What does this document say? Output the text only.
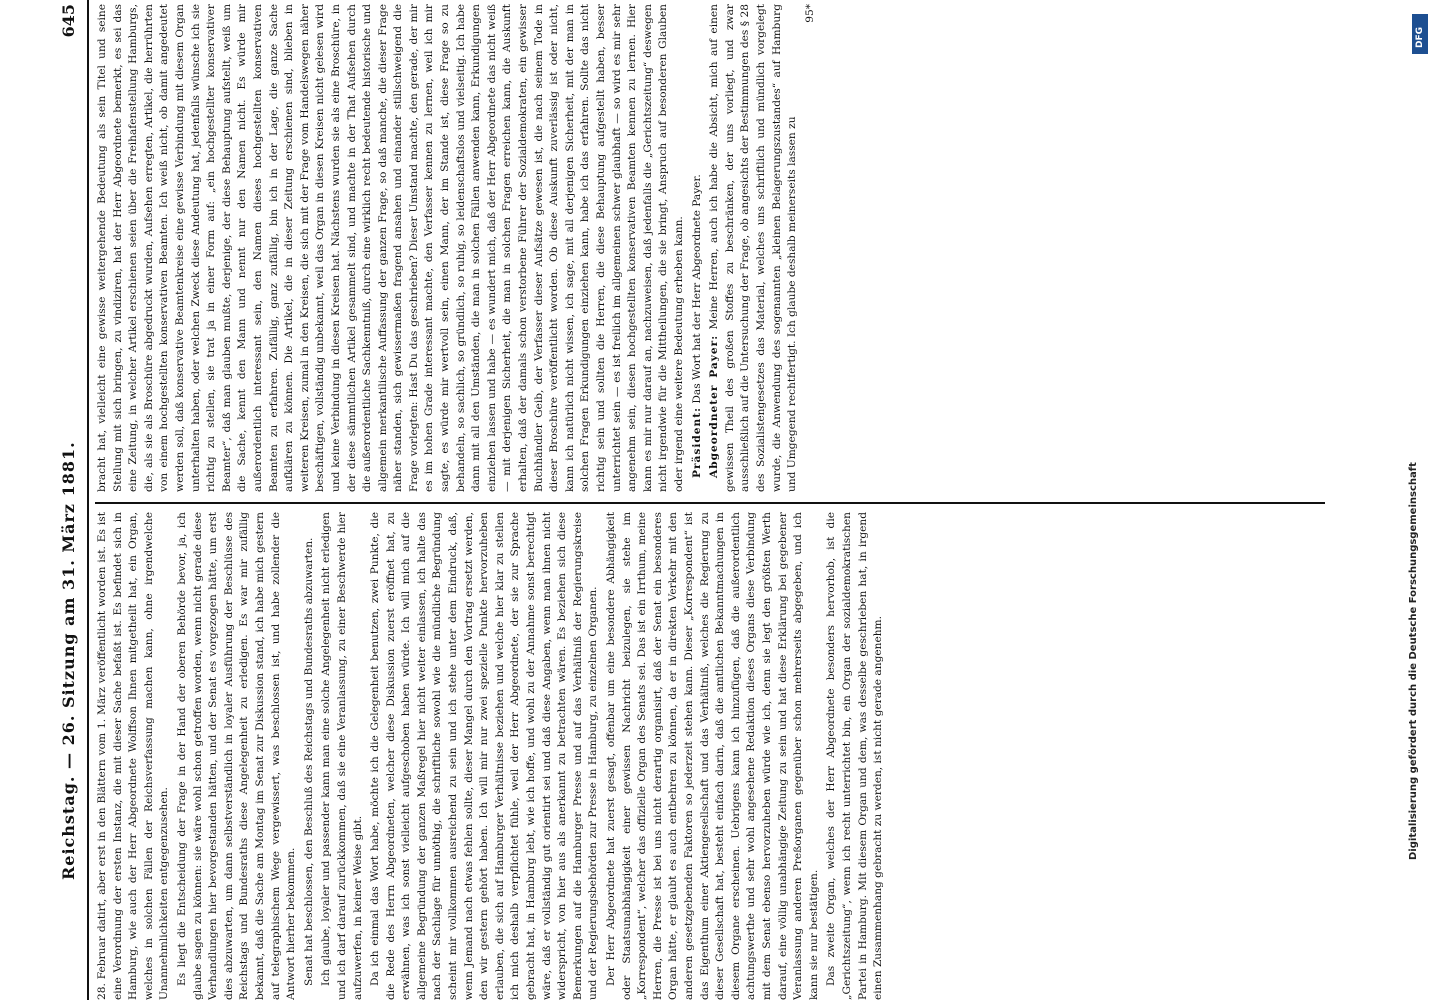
Reichstag. — 26. Sitzung am 31. März 1881.
645

28. Februar datirt, aber erst in den Blättern vom 1. März veröffentlicht worden ist. Es ist eine Verordnung der ersten Instanz, die mit dieser Sache befaßt ist. Es befindet sich in Hamburg, wie auch der Herr Abgeordnete Wolffson Ihnen mitgetheilt hat, ein Organ, welches in solchen Fällen der Reichsverfassung machen kann, ohne irgendwelche Unannehmlichkeiten entgegenzusehen. Es liegt die Entscheidung der Frage in der Hand der oberen Behörde bevor, ja, ich glaube sagen zu können: sie wäre wohl schon getroffen worden, wenn nicht gerade diese Verhandlungen hier bevorgestanden hätten, und der Senat es vorgezogen hätte, um erst dies abzuwarten, um dann selbstverständlich in loyaler Ausführung der Beschlüsse des Reichstags und Bundesraths diese Angelegenheit zu erledigen. Es war mir zufällig bekannt, daß die Sache am Montag im Senat zur Diskussion stand, ich habe mich gestern auf telegraphischem Wege vergewissert, was beschlossen ist, und habe zollender die Antwort hierher bekommen. Senat hat beschlossen, den Beschluß des Reichstags und Bundesraths abzuwarten. Ich glaube, loyaler und passender kann man eine solche Angelegenheit nicht erledigen und ich darf darauf zurückkommen, daß sie eine Veranlassung, zu einer Beschwerde hier aufzuwerfen, in keiner Weise gibt. Da ich einmal das Wort habe, möchte ich die Gelegenheit benutzen, zwei Punkte, die die Rede des Herrn Abgeordneten, welcher diese Diskussion zuerst eröffnet hat, zu erwähnen, was ich sonst vielleicht aufgeschoben haben würde. Ich will mich auf die allgemeine Begründung der ganzen Maßregel hier nicht weiter einlassen, ich halte das nach der Sachlage für unnöthig, die schriftliche sowohl wie die mündliche Begründung scheint mir vollkommen ausreichend zu sein und ich stehe unter dem Eindruck, daß, wenn Jemand nach etwas fehlen sollte, dieser Mangel durch den Vortrag ersetzt werden, den wir gestern gehört haben. Ich will mir nur zwei spezielle Punkte hervorzuheben erlauben, die sich auf Hamburger Verhältnisse beziehen und welche hier klar zu stellen ich mich deshalb verpflichtet fühle, weil der Herr Abgeordnete, der sie zur Sprache gebracht hat, in Hamburg lebt, wie ich hoffe, und wohl zu der Annahme sonst berechtigt wäre, daß er vollständig gut orientirt sei und daß diese Angaben, wenn man ihnen nicht widerspricht, von hier aus als anerkannt zu betrachten wären. Es beziehen sich diese Bemerkungen auf die Hamburger Presse und auf das Verhältniß der Regierungskreise und der Regierungsbehörden zur Presse in Hamburg, zu einzelnen Organen. Der Herr Abgeordnete hat zuerst gesagt, offenbar um eine besondere Abhängigkeit oder Staatsunabhängigkeit einer gewissen Nachricht beizulegen, sie stehe im „Korrespondent“, welcher das offizielle Organ des Senats sei. Das ist ein Irrthum, meine Herren, die Presse ist bei uns nicht derartig organisirt, daß der Senat ein besonderes Organ hätte, er glaubt es auch entbehren zu können, da er in direkten Verkehr mit den anderen gesetzgebenden Faktoren so jederzeit stehen kann. Dieser „Korrespondent“ ist das Eigenthum einer Aktiengesellschaft und das Verhältniß, welches die Regierung zu dieser Gesellschaft hat, besteht einfach darin, daß die amtlichen Bekanntmachungen in diesem Organe erscheinen. Uebrigens kann ich hinzufügen, daß die außerordentlich achtungswerthe und sehr wohl angesehene Redaktion dieses Organs diese Verbindung mit dem Senat ebenso hervorzuheben würde wie ich, denn sie legt den größten Werth darauf, eine völlig unabhängige Zeitung zu sein und hat diese Erklärung bei gegebener Veranlassung anderen Preßorganen gegenüber schon mehrerseits abgegeben, und ich kann sie nur bestätigen. Das zweite Organ, welches der Herr Abgeordnete besonders hervorhob, ist die „Gerichtszeitung“, wenn ich recht unterrichtet bin, ein Organ der sozialdemokratischen Partei in Hamburg. Mit diesem Organ und dem, was desselbe geschrieben hat, in irgend einen Zusammenhang gebracht zu werden, ist nicht gerade angenehm.

bracht hat, vielleicht eine gewisse weitergehende Bedeutung als sein Titel und seine Stellung mit sich bringen, zu vindiziren, hat der Herr Abgeordnete bemerkt, es sei das eine Zeitung, in welcher Artikel erschienen seien über die Freihafenstellung Hamburgs, die, als sie als Broschüre abgedruckt wurden, Aufsehen erregten, Artikel, die herrührten von einem hochgestellten konservativen Beamten. Ich weiß nicht, ob damit angedeutet werden soll, daß konservative Beamtenkreise eine gewisse Verbindung mit diesem Organ unterhalten haben, oder welchen Zweck diese Andeutung hat, jedenfalls wünsche ich sie richtig zu stellen, sie trat ja in einer Form auf: „ein hochgestellter konservativer Beamter“, daß man glauben mußte, derjenige, der diese Behauptung aufstellt, weiß um die Sache, kennt den Mann und nennt nur den Namen nicht. Es würde mir außerordentlich interessant sein, den Namen dieses hochgestellten konservativen Beamten zu erfahren. Zufällig, ganz zufällig, bin ich in der Lage, die ganze Sache aufklären zu können. Die Artikel, die in dieser Zeitung erschienen sind, blieben in weiteren Kreisen, zumal in den Kreisen, die sich mit der Frage vom Handelswegen näher beschäftigen, vollständig unbekannt, weil das Organ in diesen Kreisen nicht gelesen wird und keine Verbindung in diesen Kreisen hat. Nächstens wurden sie als eine Broschüre, in der diese sämmtlichen Artikel gesammelt sind, und machte in der That Aufsehen durch die außerordentliche Sachkenntniß, durch eine wirklich recht bedeutende historische und allgemein merkantilische Auffassung der ganzen Frage, so daß manche, die dieser Frage näher standen, sich gewissermaßen fragend ansahen und einander stillschweigend die Frage vorlegten: Hast Du das geschrieben? Dieser Umstand machte, den gerade, der mir es im hohen Grade interessant machte, den Verfasser kennen zu lernen, weil ich mir sagte, es würde mir wertvoll sein, einen Mann, der im Stande ist, diese Frage so zu behandeln, so sachlich, so gründlich, so ruhig, so leidenschaftslos und vielseitig. Ich habe dann mit all den Umständen, die man in solchen Fällen anwenden kann, Erkundigungen einziehen lassen und habe — es wundert mich, daß der Herr Abgeordnete das nicht weiß — mit derjenigen Sicherheit, die man in solchen Fragen erreichen kann, die Auskunft erhalten, daß der damals schon verstorbene Führer der Sozialdemokraten, ein gewisser Buchhändler Geib, der Verfasser dieser Aufsätze gewesen ist, die nach seinem Tode in dieser Broschüre veröffentlicht worden. Ob diese Auskunft zuverlässig ist oder nicht, kann ich natürlich nicht wissen, ich sage, mit all derjenigen Sicherheit, mit der man in solchen Fragen Erkundigungen einziehen kann, habe ich das erfahren. Sollte das nicht richtig sein und sollten die Herren, die diese Behauptung aufgestellt haben, besser unterrichtet sein — es ist freilich im allgemeinen schwer glaubhaft — so wird es mir sehr angenehm sein, diesen hochgestellten konservativen Beamten kennen zu lernen. Hier kann es mir nur darauf an, nachzuweisen, daß jedenfalls die „Gerichtszeitung“ deswegen nicht irgendwie für die Mittheilungen, die sie bringt, Anspruch auf besonderen Glauben oder irgend eine weitere Bedeutung erheben kann. Präsident: Das Wort hat der Herr Abgeordnete Payer.

Abgeordneter Payer: Meine Herren, auch ich habe die Absicht, mich auf einen gewissen Theil des großen Stoffes zu beschränken, der uns vorliegt, und zwar ausschließlich auf die Untersuchung der Frage, ob angesichts der Bestimmungen des § 28 des Sozialistengesetzes das Material, welches uns schriftlich und mündlich vorgelegt wurde, die Anwendung des sogenannten „kleinen Belagerungszustandes“ auf Hamburg und Umgegend rechtfertigt. Ich glaube deshalb meinerseits lassen zu

95*

Digitalisierung gefördert durch die Deutsche Forschungsgemeinschaft
DFG
